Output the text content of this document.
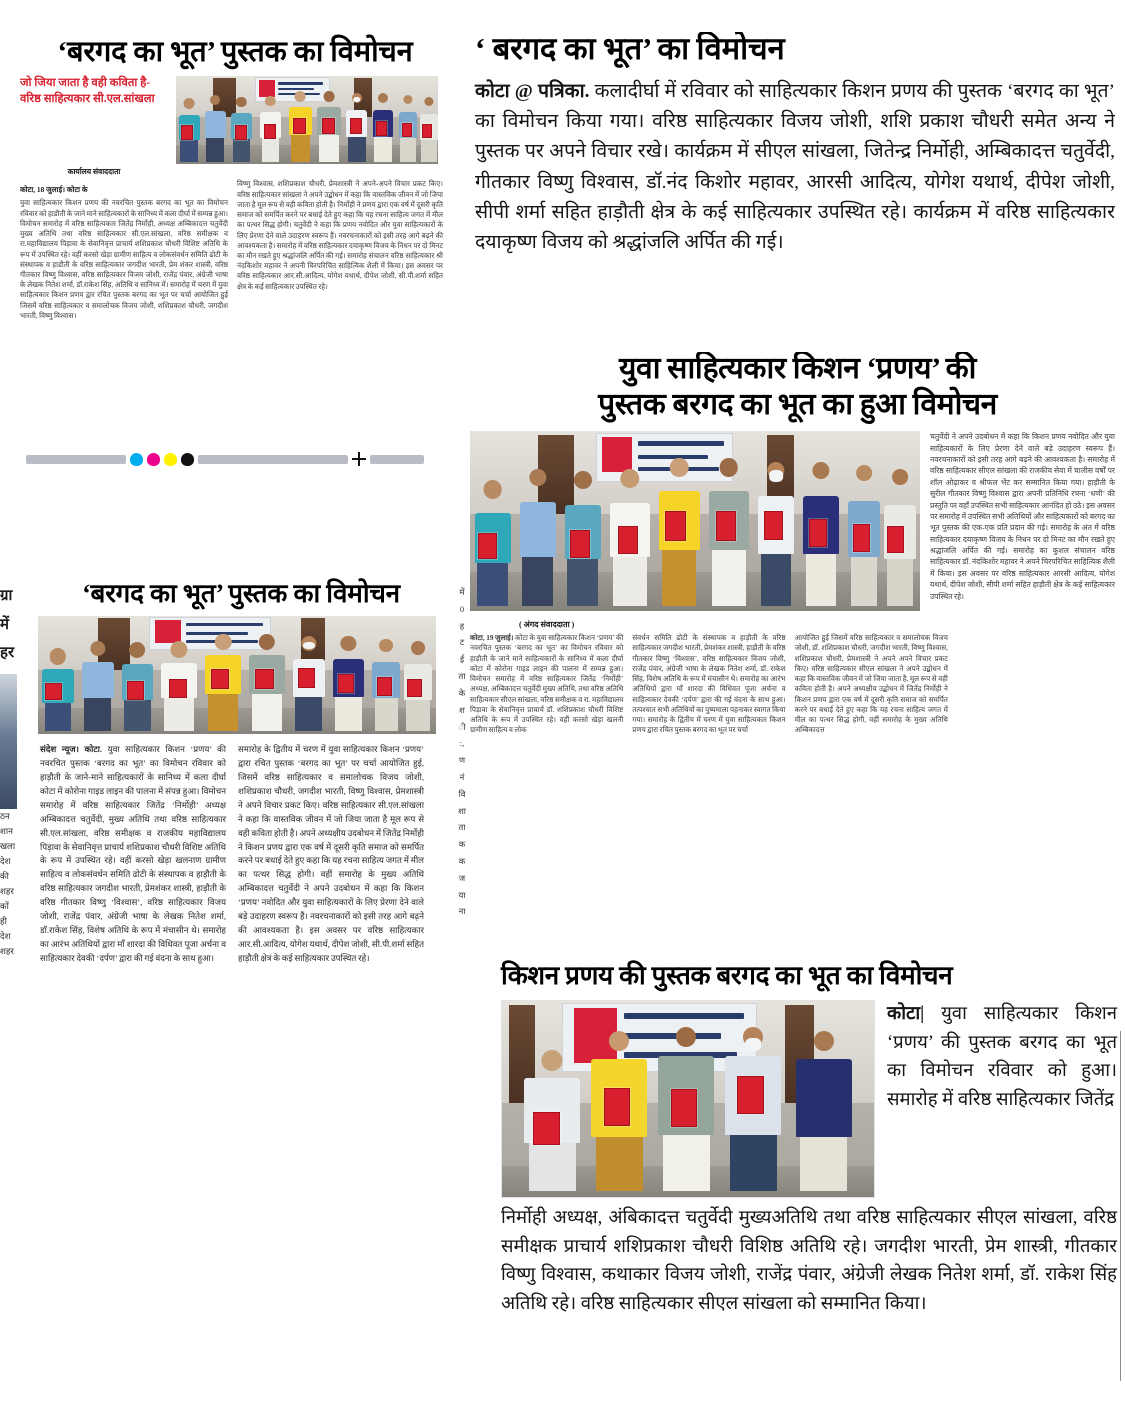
‘बरगद का भूत’ पुस्तक का विमोचन
जो जिया जाता है वही कविता है-वरिष्ठ साहित्यकार सी.एल.सांखला
कार्यालय संवाददाता
कोटा, 18 जुलाई। कोटा के
युवा साहित्यकार किशन प्रणय की नवरचित पुस्तक बरगद का भूत का विमोचन रविवार को हाडौती के जाने माने साहित्यकारों के सानिध्य में कला दीर्घा में सम्पन्न हुआ। विमोचन समारोह में वरिष्ठ साहित्यकार जितेंद्र निर्मोही, अध्यक्ष अम्बिकादत्त चतुर्वेदी मुख्य अतिथि तथा वरिष्ठ साहित्यकार सी.एल.सांखला, वरिष्ठ समीक्षक व रा.महाविद्यालय पिड़ावा के सेवानिवृत्त प्राचार्य शशिप्रकाश चौधरी विशिष्ट अतिथि के रूप में उपस्थित रहे। वहीं करसो खेड़ा ग्रामीण साहित्य व लोकसंवर्धन समिति ढोटी के संस्थापक व हाडौती के वरिष्ठ साहित्यकार जगदीश भारती, प्रेम शंकर शास्त्री, वरिष्ठ गीतकार विष्णु विश्वास, वरिष्ठ साहित्यकार विजय जोशी, राजेंद्र पंवार, अंग्रेजी भाषा के लेखक नितेश शर्मा, डॉ.राकेश सिंह, अतिथि व सानिध्य में। समारोह में चरण में युवा साहित्यकार किशन प्रणय द्वार रचित पुस्तक बरगद का भूत पर चर्चा आयोजित हुई जिसमें वरिष्ठ साहित्यकार व समालोचक विजय जोशी, शशिप्रकाश चौधरी, जगदीश भारती, विष्णु विश्वास।
विष्णु विश्वास, शशिप्रकाश चौधरी, प्रेमशास्त्री ने अपने-अपने विचार प्रकट किए। वरिष्ठ साहित्यकार सांखला ने अपने उद्बोधन में कहा कि वास्तविक जीवन में जो जिया जाता है मूल रूप से वही कविता होती है। निर्मोही ने प्रणय द्वारा एक वर्ष में दूसरी कृति समाज को समर्पित करने पर बधाई देते हुए कहा कि यह रचना साहित्य जगत में मील का पत्थर सिद्ध होगी। चतुर्वेदी ने कहा कि प्रणय नवोदित और युवा साहित्यकारों के लिए प्रेरणा देने वाले उदाहरण स्वरूप हैं। नवरचनाकारों को इसी तरह आगे बढ़ने की आवश्यकता है। समारोह में वरिष्ठ साहित्यकार दयाकृष्ण विजय के निधन पर दो मिनट का मौन रखते हुए श्रद्धांजलि अर्पित की गई। समारोह संचालन वरिष्ठ साहित्यकार श्री नंदकिशोर महावर ने अपनी चिरपरिचित साहित्यिक शैली में किया। इस अवसर पर वरिष्ठ साहित्यकार आर.सी.आदित्य, योगेश यथार्थ, दीपेश जोशी, सी.पी.शर्मा सहित क्षेत्र के कई साहित्यकार उपस्थित रहे।
‘ बरगद का भूत’ का विमोचन
कोटा @ पत्रिका. कलादीर्घा में रविवार को साहित्यकार किशन प्रणय की पुस्तक ‘बरगद का भूत’ का विमोचन किया गया। वरिष्ठ साहित्यकार विजय जोशी, शशि प्रकाश चौधरी समेत अन्य ने पुस्तक पर अपने विचार रखे। कार्यक्रम में सीएल सांखला, जितेन्द्र निर्मोही, अम्बिकादत्त चतुर्वेदी, गीतकार विष्णु विश्वास, डॉ.नंद किशोर महावर, आरसी आदित्य, योगेश यथार्थ, दीपेश जोशी, सीपी शर्मा सहित हाड़ौती क्षेत्र के कई साहित्यकार उपस्थित रहे। कार्यक्रम में वरिष्ठ साहित्यकार दयाकृष्ण विजय को श्रद्धांजलि अर्पित की गई।
युवा साहित्यकार किशन ‘प्रणय’ की
पुस्तक बरगद का भूत का हुआ विमोचन
चतुर्वेदी ने अपने उदबोधन में कहा कि किशन प्रणय नवोदित और युवा साहित्यकारों के लिए प्रेरणा देने वाले बड़े उदाहरण स्वरूप हैं। नवरचनाकारों को इसी तरह आगे बढ़ने की आवश्यकता है। समारोह में वरिष्ठ साहित्यकार सीएल सांखला की राजकीय सेवा में चालीस वर्षों पर शॉल ओढ़ाकर व श्रीफल भेंट कर सम्मानित किया गया। हाड़ौती के सुरील गीतकार विष्णु विश्वास द्वारा अपनी प्रतिनिधि रचना ‘धणी’ की प्रस्तुति पर वहाँ उपस्थित सभी साहित्यकार आनंदित हो उठे। इस अवसर पर समारोह में उपस्थित सभी अतिथियों और साहित्यकारों को बरगद का भूत पुस्तक की एक-एक प्रति प्रदान की गई। समारोह के अंत में वरिष्ठ साहित्यकार दयाकृष्ण विजय के निधन पर दो मिनट का मौन रखते हुए श्रद्धांजलि अर्पित की गई। समारोह का कुशल संचालन वरिष्ठ साहित्यकार डॉ. नंदकिशोर महावर ने अपने चिरपरिचित साहित्यिक शैली में किया। इस अवसर पर वरिष्ठ साहित्यकार आरसी आदित्य, योगेश यथार्थ, दीपेश जोशी, सीपी शर्मा सहित हाड़ौती क्षेत्र के कई साहित्यकार उपस्थित रहे।
( अंगद संवाददाता )
कोटा, 19 जुलाई। कोटा के युवा साहित्यकार किशन ‘प्रणय’ की नवरचित पुस्तक ‘बरगद का भूत’ का विमोचन रविवार को हाड़ौती के जाने माने साहित्यकारों के सानिध्य में कला दीर्घा कोटा में कोरोना गाइड लाइन की पालना में सम्पन्न हुआ। विमोचन समारोह में वरिष्ठ साहित्यकार जितेंद्र ‘निर्मोही’ अध्यक्ष, अम्बिकादत्त चतुर्वेदी मुख्य अतिथि, तथा वरिष्ठ अतिथि साहित्यकार सीएल सांखला, वरिष्ठ समीक्षक व रा. महाविद्यालय पिड़ावा के सेवानिवृत्त प्राचार्य डॉ. शशिप्रकाश चौधरी विशिष्ट अतिथि के रूप में उपस्थित रहे। वहीं करसो खेड़ा खलनी ग्रामीण साहित्य व लोक
संवर्धन समिति ढोटी के संस्थापक व हाड़ौती के वरिष्ठ साहित्यकार जगदीश भारती, प्रेमशंकर शास्त्री, हाड़ौती के वरिष्ठ गीतकार विष्णु ‘विश्वास’, वरिष्ठ साहित्यकार विजय जोशी, राजेंद्र पंवार, अंग्रेजी भाषा के लेखक नितेश शर्मा, डॉ. राकेश सिंह, विशेष अतिथि के रूप में मंचासीन थे। समारोह का आरंभ अतिथियों द्वारा माँ शारदा की विधिवत पूजा अर्चना व साहित्यकार देवकी ‘दर्पण’ द्वारा की गई वंदना के साथ हुआ। तत्पश्चात सभी अतिथियों का पुष्पमाला पहनाकर स्वागत किया गया। समारोह के द्वितीय में चरण में युवा साहित्यकार किशन प्रणय द्वारा रचित पुस्तक बरगद का भूत पर चर्चा
आयोजित हुई जिसमें वरिष्ठ साहित्यकार व समालोचक विजय जोशी, डॉ. शशिप्रकाश चौधरी, जगदीश भारती, विष्णु विश्वास, शशिप्रकाश चौधरी, प्रेमशास्त्री ने अपने अपने विचार प्रकट किए। वरिष्ठ साहित्यकार सीएल सांखला ने अपने उद्बोधन में कहा कि वास्तविक जीवन में जो जिया जाता है, मूल रूप से वही कविता होती है। अपने अध्यक्षीय उद्बोधन में जितेंद्र निर्मोही ने किशन प्रणय द्वारा एक वर्ष में दूसरी कृति समाज को समर्पित करने पर बधाई देते हुए कहा कि यह रचना साहित्य जगत में मील का पत्थर सिद्ध होगी, वहीं समारोह के मुख्य अतिथि अम्बिकादत्त
‘बरगद का भूत’ पुस्तक का विमोचन
संदेश न्यूज। कोटा. युवा साहित्यकार किशन ‘प्रणय’ की नवरचित पुस्तक ‘बरगद का भूत’ का विमोचन रविवार को हाड़ौती के जाने-माने साहित्यकारों के सानिध्य में कला दीर्घा कोटा में कोरोना गाइड लाइन की पालना में संपन्न हुआ। विमोचन समारोह में वरिष्ठ साहित्यकार जितेंद्र ‘निर्मोही’ अध्यक्ष अम्बिकादत्त चतुर्वेदी, मुख्य अतिथि तथा वरिष्ठ साहित्यकार सी.एल.सांखला, वरिष्ठ समीक्षक व राजकीय महाविद्यालय पिड़ावा के सेवानिवृत्त प्राचार्य शशिप्रकाश चौधरी विशिष्ट अतिथि के रूप में उपस्थित रहे। वहीं करसो खेड़ा खलनाण ग्रामीण साहित्य व लोकसंवर्धन समिति ढोटी के संस्थापक व हाड़ौती के वरिष्ठ साहित्यकार जगदीश भारती, प्रेमशंकर शास्त्री, हाड़ौती के वरिष्ठ गीतकार विष्णु ‘विश्वास’, वरिष्ठ साहित्यकार विजय जोशी, राजेंद्र पंवार, अंग्रेजी भाषा के लेखक नितेश शर्मा, डॉ.राकेश सिंह, विशेष अतिथि के रूप में मंचासीन थे। समारोह का आरंभ अतिथियों द्वारा माँ शारदा की विधिवत पूजा अर्चना व साहित्यकार देवकी ‘दर्पण’ द्वारा की गई वंदना के साथ हुआ।
समारोह के द्वितीय में चरण में युवा साहित्यकार किशन ‘प्रणय’ द्वारा रचित पुस्तक ‘बरगद का भूत’ पर चर्चा आयोजित हुई, जिसमें वरिष्ठ साहित्यकार व समालोचक विजय जोशी, शशिप्रकाश चौधरी, जगदीश भारती, विष्णु विश्वास, प्रेमशास्त्री ने अपने विचार प्रकट किए। वरिष्ठ साहित्यकार सी.एल.सांखला ने कहा कि वास्तविक जीवन में जो जिया जाता है मूल रूप से वही कविता होती है। अपने अध्यक्षीय उदबोधन में जितेंद्र निर्मोही ने किशन प्रणय द्वारा एक वर्ष में दूसरी कृति समाज को समर्पित करने पर बधाई देते हुए कहा कि यह रचना साहित्य जगत में मील का पत्थर सिद्ध होगी। वहीं समारोह के मुख्य अतिथि अम्बिकादत्त चतुर्वेदी ने अपने उदबोधन में कहा कि किशन ‘प्रणय’ नवोदित और युवा साहित्यकारों के लिए प्रेरणा देने वाले बड़े उदाहरण स्वरूप हैं। नवरचनाकारों को इसी तरह आगे बढ़ने की आवश्यकता है। इस अवसर पर वरिष्ठ साहित्यकार आर.सी.आदित्य, योगेश यथार्थ, दीपेश जोशी, सी.पी.शर्मा सहित हाड़ौती क्षेत्र के कई साहित्यकार उपस्थित रहे।
ग्रा
में
हर
ठन
शान
खला
देश
की
शहर
कों
ही
देश
शहर
में
0
ह
ट
ई
ता
के
श
ी
:,
ण
नं
वि
शा
ता
क
क
ज
या
ना
किशन प्रणय की पुस्तक बरगद का भूत का विमोचन
कोटा| युवा साहित्यकार किशन ‘प्रणय’ की पुस्तक बरगद का भूत का विमोचन रविवार को हुआ। समारोह में वरिष्ठ साहित्यकार जितेंद्र
निर्मोही अध्यक्ष, अंबिकादत्त चतुर्वेदी मुख्यअतिथि तथा वरिष्ठ साहित्यकार सीएल सांखला, वरिष्ठ समीक्षक प्राचार्य शशिप्रकाश चौधरी विशिष्ठ अतिथि रहे। जगदीश भारती, प्रेम शास्त्री, गीतकार विष्णु विश्वास, कथाकार विजय जोशी, राजेंद्र पंवार, अंग्रेजी लेखक नितेश शर्मा, डॉ. राकेश सिंह अतिथि रहे। वरिष्ठ साहित्यकार सीएल सांखला को सम्मानित किया।
